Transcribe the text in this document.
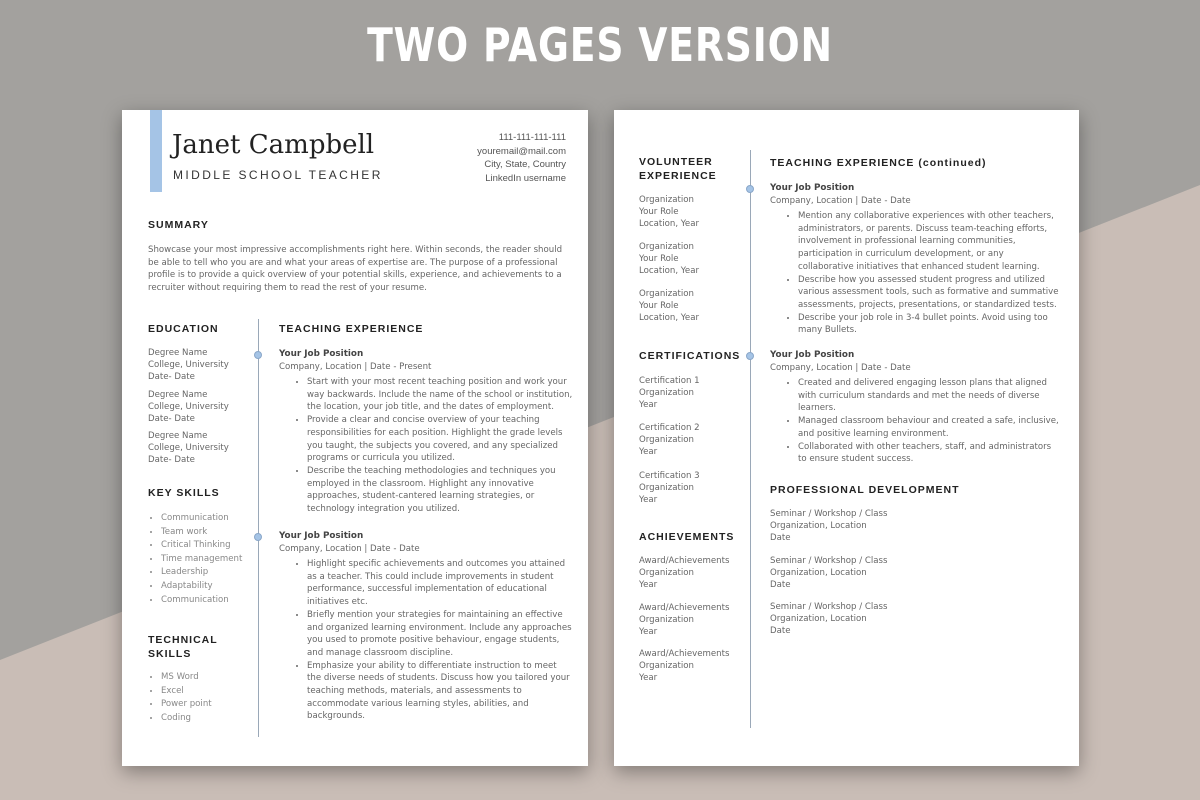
TWO PAGES VERSION
Janet Campbell
MIDDLE SCHOOL TEACHER
111-111-111-111
youremail@mail.com
City, State, Country
LinkedIn username
SUMMARY
Showcase your most impressive accomplishments right here. Within seconds, the reader should be able to tell who you are and what your areas of expertise are. The purpose of a professional profile is to provide a quick overview of your potential skills, experience, and achievements to a recruiter without requiring them to read the rest of your resume.
EDUCATION
Degree Name
College, University
Date- Date
Degree Name
College, University
Date- Date
Degree Name
College, University
Date- Date
KEY SKILLS
• Communication
• Team work
• Critical Thinking
• Time management
• Leadership
• Adaptability
• Communication
TECHNICAL
SKILLS
• MS Word
• Excel
• Power point
• Coding
TEACHING EXPERIENCE
Your Job Position
Company, Location | Date - Present
• Start with your most recent teaching position and work your way backwards. Include the name of the school or institution, the location, your job title, and the dates of employment.
• Provide a clear and concise overview of your teaching responsibilities for each position. Highlight the grade levels you taught, the subjects you covered, and any specialized programs or curricula you utilized.
• Describe the teaching methodologies and techniques you employed in the classroom. Highlight any innovative approaches, student-cantered learning strategies, or technology integration you utilized.
Your Job Position
Company, Location | Date - Date
• Highlight specific achievements and outcomes you attained as a teacher. This could include improvements in student performance, successful implementation of educational initiatives etc.
• Briefly mention your strategies for maintaining an effective and organized learning environment. Include any approaches you used to promote positive behaviour, engage students, and manage classroom discipline.
• Emphasize your ability to differentiate instruction to meet the diverse needs of students. Discuss how you tailored your teaching methods, materials, and assessments to accommodate various learning styles, abilities, and backgrounds.
VOLUNTEER
EXPERIENCE
Organization
Your Role
Location, Year
Organization
Your Role
Location, Year
Organization
Your Role
Location, Year
CERTIFICATIONS
Certification 1
Organization
Year
Certification 2
Organization
Year
Certification 3
Organization
Year
ACHIEVEMENTS
Award/Achievements
Organization
Year
Award/Achievements
Organization
Year
Award/Achievements
Organization
Year
TEACHING EXPERIENCE (continued)
Your Job Position
Company, Location | Date - Date
• Mention any collaborative experiences with other teachers, administrators, or parents. Discuss team-teaching efforts, involvement in professional learning communities, participation in curriculum development, or any collaborative initiatives that enhanced student learning.
• Describe how you assessed student progress and utilized various assessment tools, such as formative and summative assessments, projects, presentations, or standardized tests.
• Describe your job role in 3-4 bullet points. Avoid using too many Bullets.
Your Job Position
Company, Location | Date - Date
• Created and delivered engaging lesson plans that aligned with curriculum standards and met the needs of diverse learners.
• Managed classroom behaviour and created a safe, inclusive, and positive learning environment.
• Collaborated with other teachers, staff, and administrators to ensure student success.
PROFESSIONAL DEVELOPMENT
Seminar / Workshop / Class
Organization, Location
Date
Seminar / Workshop / Class
Organization, Location
Date
Seminar / Workshop / Class
Organization, Location
Date
